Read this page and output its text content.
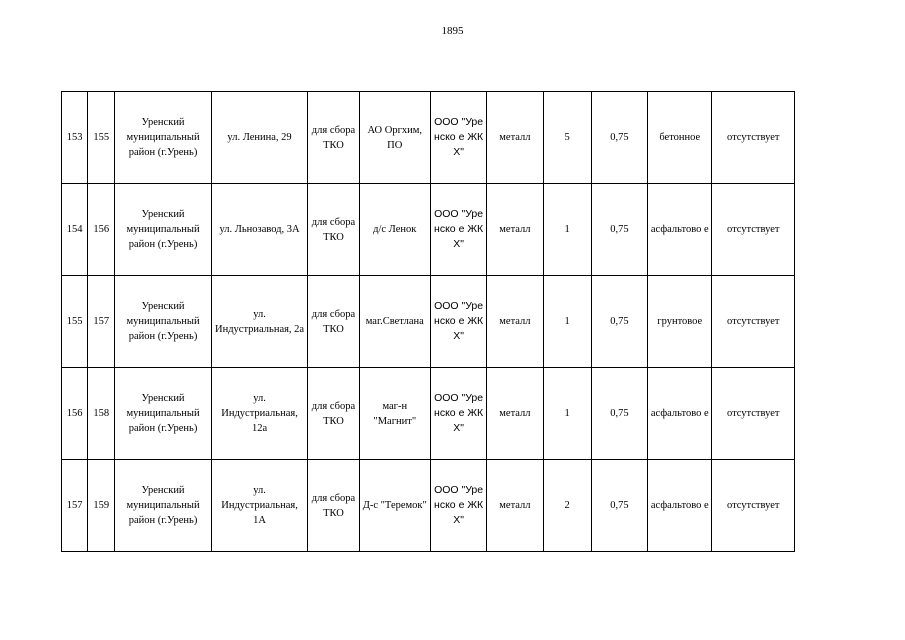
1895
153	155	Уренский муниципальный район (г.Урень)	ул. Ленина, 29	для сбора ТКО	АО Оргхим, ПО	ООО "Уренско е ЖКХ"	металл	5	0,75	бетонное	отсутствует
154	156	Уренский муниципальный район (г.Урень)	ул. Льнозавод, 3А	для сбора ТКО	д/с Ленок	ООО "Уренско е ЖКХ"	металл	1	0,75	асфальтово е	отсутствует
155	157	Уренский муниципальный район (г.Урень)	ул. Индустриальная, 2а	для сбора ТКО	маг.Светлана	ООО "Уренско е ЖКХ"	металл	1	0,75	грунтовое	отсутствует
156	158	Уренский муниципальный район (г.Урень)	ул. Индустриальная, 12а	для сбора ТКО	маг-н "Магнит"	ООО "Уренско е ЖКХ"	металл	1	0,75	асфальтово е	отсутствует
157	159	Уренский муниципальный район (г.Урень)	ул. Индустриальная, 1А	для сбора ТКО	Д-с "Теремок"	ООО "Уренско е ЖКХ"	металл	2	0,75	асфальтово е	отсутствует
